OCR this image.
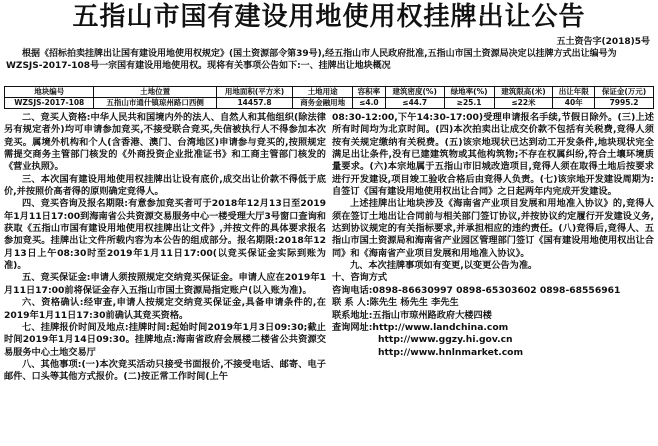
五指山市国有建设用地使用权挂牌出让公告
五土资告字(2018)5号
根据《招标拍卖挂牌出让国有建设用地使用权规定》(国土资源部令第39号),经五指山市人民政府批准,五指山市国土资源局决定以挂牌方式出让编号为WZSJS-2017-108号一宗国有建设用地使用权。现将有关事项公告如下:一、挂牌出让地块概况
地块编号	土地位置	用地面积(平方米)	土地用途	容积率	建筑密度(%)	绿地率(%)	建筑限高(米)	出让年限	保证金(万元)
WZSJS-2017-108	五指山市通什镇琼州路口西侧	14457.8	商务金融用地	≤4.0	≤44.7	≥25.1	≤22米	40年	7995.2

二、竞买人资格:中华人民共和国境内外的法人、自然人和其他组织(除法律另有规定者外)均可申请参加竞买,不接受联合竞买,失信被执行人不得参加本次竞买。属境外机构和个人(含香港、澳门、台湾地区)申请参与竞买的,按照规定需提交商务主管部门核发的《外商投资企业批准证书》和工商主管部门核发的《营业执照》。

三、本次国有建设用地使用权挂牌出让设有底价,成交出让价款不得低于底价,并按照价高者得的原则确定竞得人。

四、竞买咨询及报名期限:有意参加竞买者可于2018年12月13日至2019年1月11日17:00到海南省公共资源交易服务中心一楼受理大厅3号窗口查询和获取《五指山市国有建设用地使用权挂牌出让文件》,并按文件的具体要求报名参加竞买。挂牌出让文件所载内容为本公告的组成部分。报名期限:2018年12月13日上午08:30时至2019年1月11日17:00(以竞买保证金实际到账为准)。

五、竞买保证金:申请人须按照规定交纳竞买保证金。申请人应在2019年1月11日17:00前将保证金存入五指山市国土资源局指定账户(以入账为准)。

六、资格确认:经审查,申请人按规定交纳竞买保证金,具备申请条件的,在2019年1月11日17:30前确认其竞买资格。

七、挂牌报价时间及地点:挂牌时间:起始时间2019年1月3日09:30;截止时间2019年1月14日09:30。挂牌地点:海南省政府会展楼二楼省公共资源交易服务中心土地交易厅

八、其他事项:(一)本次竞买活动只接受书面报价,不接受电话、邮寄、电子邮件、口头等其他方式报价。(二)按正常工作时间(上午

08:30-12:00,下午14:30-17:00)受理申请报名手续,节假日除外。(三)上述所有时间均为北京时间。(四)本次拍卖出让成交价款不包括有关税费,竞得人须按有关规定缴纳有关税费。(五)该宗地现状已达到动工开发条件,地块现状完全满足出让条件,没有已建建筑物或其他构筑物;不存在权属纠纷,符合土壤环境质量要求。(六)本宗地属于五指山市旧城改造项目,竞得人须在取得土地后按要求进行开发建设,项目竣工验收合格后由竞得人负责。(七)该宗地开发建设周期为:自签订《国有建设用地使用权出让合同》之日起两年内完成开发建设。

上述挂牌出让地块涉及《海南省产业项目发展和用地准入协议》的,竞得人须在签订土地出让合同前与相关部门签订协议,并按协议约定履行开发建设义务,达到协议规定的有关指标要求,并承担相应的违约责任。(八)竞得后,竞得人、五指山市国土资源局和海南省产业园区管理部门签订《国有建设用地使用权出让合同》和《海南省产业项目发展和用地准入协议》。

九、本次挂牌事项如有变更,以变更公告为准。

十、咨询方式

咨询电话:0898-86630997 0898-65303602 0898-68556961

联 系 人:陈先生 杨先生 李先生

联系地址:五指山市琼州路政府大楼四楼

查询网址:http://www.landchina.com

http://www.ggzy.hi.gov.cn

http://www.hnlnmarket.com
